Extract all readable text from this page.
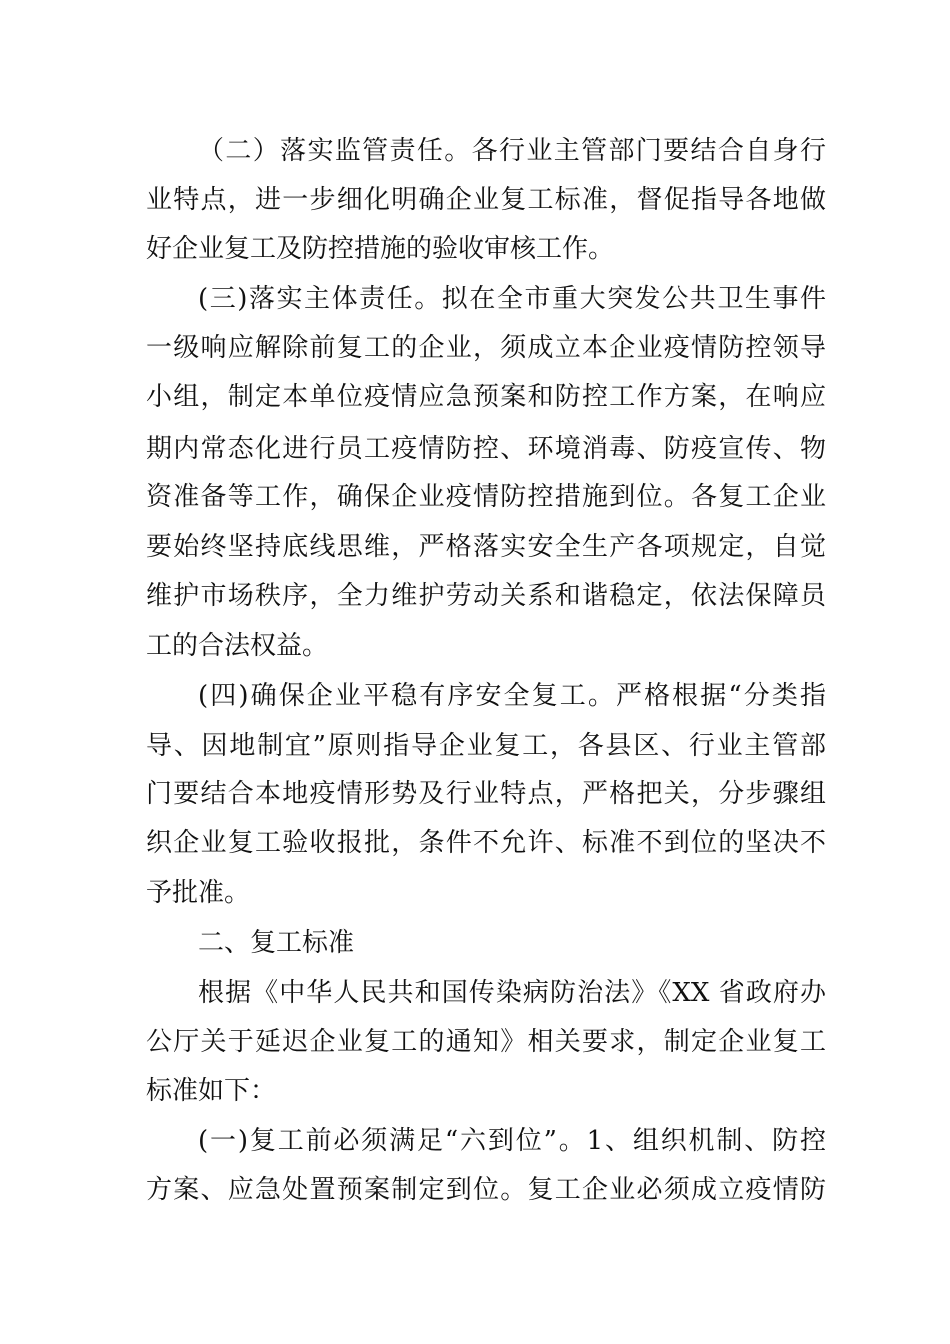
（二）落实监管责任。各行业主管部门要结合自身行
业特点，进一步细化明确企业复工标准，督促指导各地做
好企业复工及防控措施的验收审核工作。
(三)落实主体责任。拟在全市重大突发公共卫生事件
一级响应解除前复工的企业，须成立本企业疫情防控领导
小组，制定本单位疫情应急预案和防控工作方案，在响应
期内常态化进行员工疫情防控、环境消毒、防疫宣传、物
资准备等工作，确保企业疫情防控措施到位。各复工企业
要始终坚持底线思维，严格落实安全生产各项规定，自觉
维护市场秩序，全力维护劳动关系和谐稳定，依法保障员
工的合法权益。
(四)确保企业平稳有序安全复工。严格根据“分类指
导、因地制宜”原则指导企业复工，各县区、行业主管部
门要结合本地疫情形势及行业特点，严格把关，分步骤组
织企业复工验收报批，条件不允许、标准不到位的坚决不
予批准。
二、复工标准
根据《中华人民共和国传染病防治法》《XX 省政府办
公厅关于延迟企业复工的通知》相关要求，制定企业复工
标准如下：
(一)复工前必须满足“六到位”。1、组织机制、防控
方案、应急处置预案制定到位。复工企业必须成立疫情防
